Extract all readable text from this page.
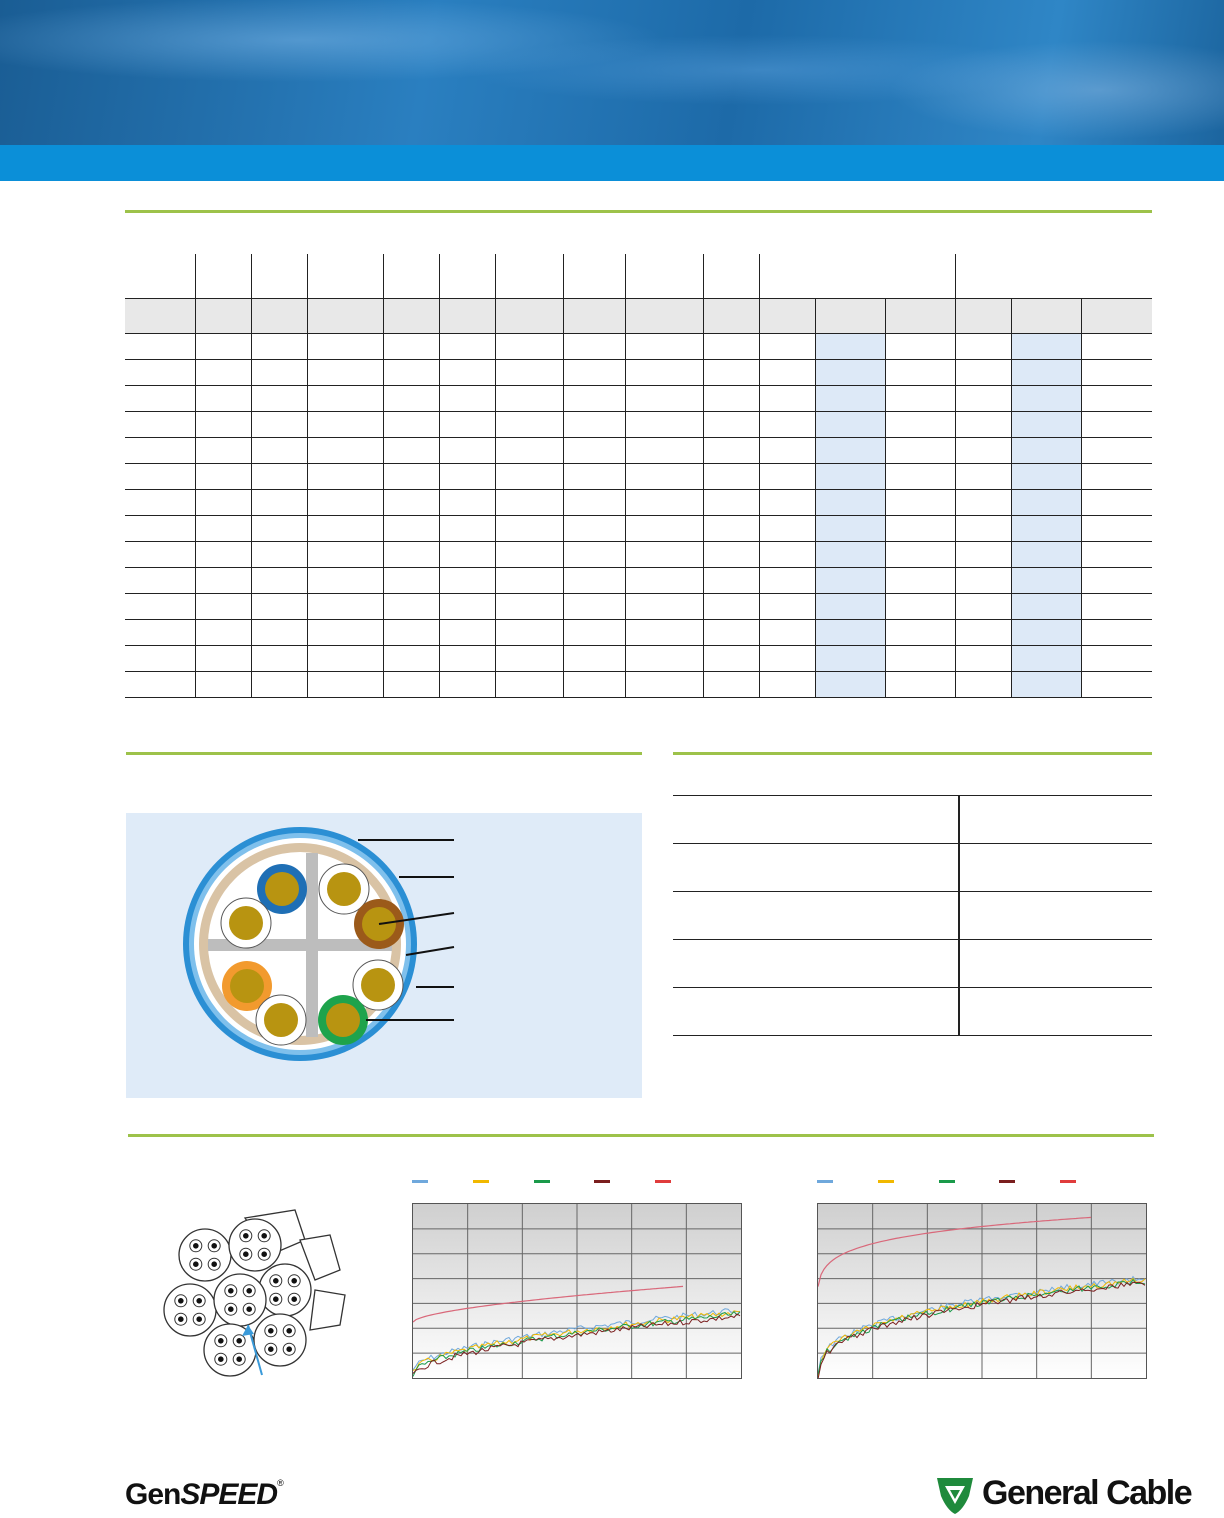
GenSPEED®	General Cable
